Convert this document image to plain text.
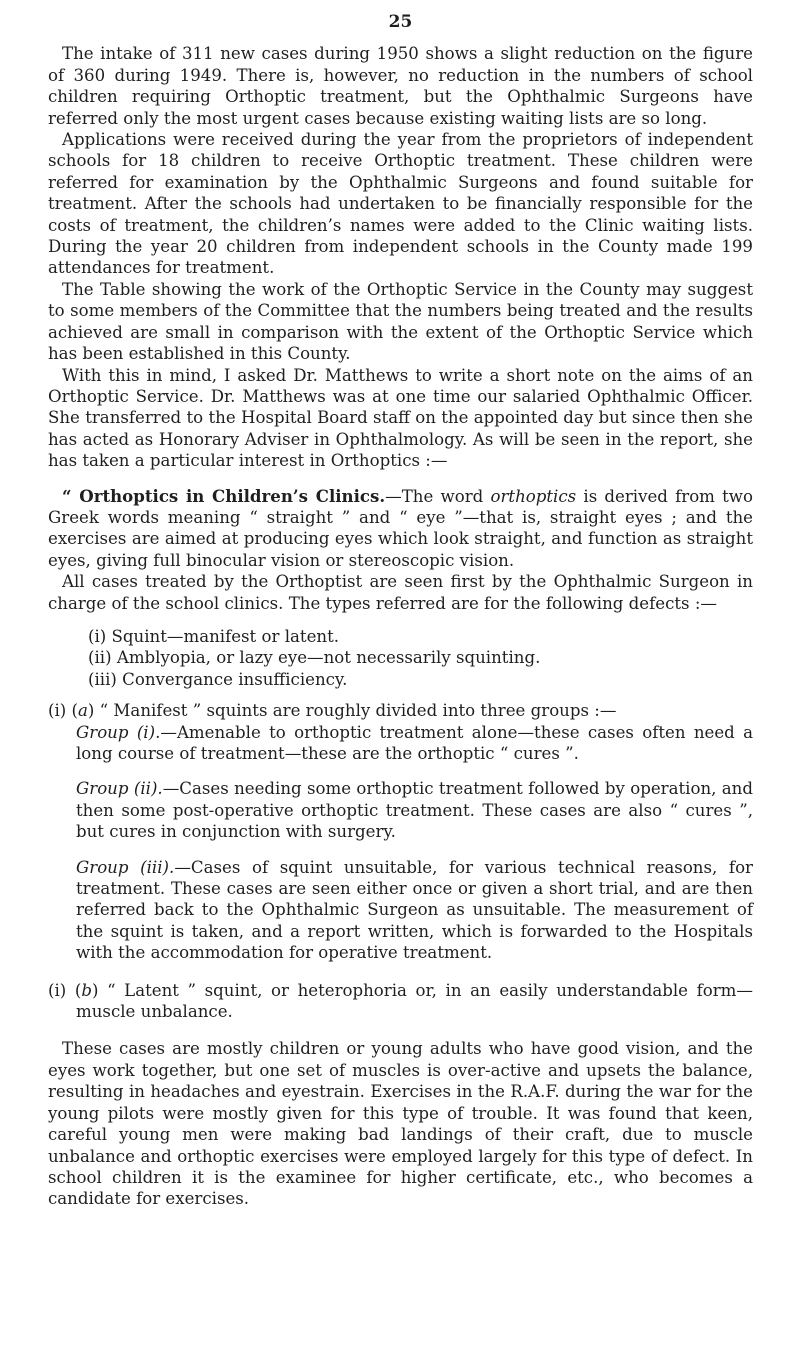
25

The intake of 311 new cases during 1950 shows a slight reduction on the figure of 360 during 1949. There is, however, no reduction in the numbers of school children requiring Orthoptic treatment, but the Ophthalmic Surgeons have referred only the most urgent cases because existing waiting lists are so long.

Applications were received during the year from the proprietors of independent schools for 18 children to receive Orthoptic treatment. These children were referred for examination by the Ophthalmic Surgeons and found suitable for treatment. After the schools had undertaken to be financially responsible for the costs of treatment, the children’s names were added to the Clinic waiting lists. During the year 20 children from independent schools in the County made 199 attendances for treatment.

The Table showing the work of the Orthoptic Service in the County may suggest to some members of the Committee that the numbers being treated and the results achieved are small in comparison with the extent of the Orthoptic Service which has been established in this County.

With this in mind, I asked Dr. Matthews to write a short note on the aims of an Orthoptic Service. Dr. Matthews was at one time our salaried Ophthalmic Officer. She transferred to the Hospital Board staff on the appointed day but since then she has acted as Honorary Adviser in Ophthalmology. As will be seen in the report, she has taken a particular interest in Orthoptics :—

“ Orthoptics in Children’s Clinics.—The word orthoptics is derived from two Greek words meaning “ straight ” and “ eye ”—that is, straight eyes ; and the exercises are aimed at producing eyes which look straight, and function as straight eyes, giving full binocular vision or stereoscopic vision.

All cases treated by the Orthoptist are seen first by the Ophthalmic Surgeon in charge of the school clinics. The types referred are for the following defects :—

(i) Squint—manifest or latent.
(ii) Amblyopia, or lazy eye—not necessarily squinting.
(iii) Convergance insufficiency.

(i) (a) “ Manifest ” squints are roughly divided into three groups :—

Group (i).—Amenable to orthoptic treatment alone—these cases often need a long course of treatment—these are the orthoptic “ cures ”.

Group (ii).—Cases needing some orthoptic treatment followed by operation, and then some post-operative orthoptic treatment. These cases are also “ cures ”, but cures in conjunction with surgery.

Group (iii).—Cases of squint unsuitable, for various technical reasons, for treatment. These cases are seen either once or given a short trial, and are then referred back to the Ophthalmic Surgeon as unsuitable. The measurement of the squint is taken, and a report written, which is forwarded to the Hospitals with the accommodation for operative treatment.

(i) (b) “ Latent ” squint, or heterophoria or, in an easily understandable form—muscle unbalance.

These cases are mostly children or young adults who have good vision, and the eyes work together, but one set of muscles is over-active and upsets the balance, resulting in headaches and eyestrain. Exercises in the R.A.F. during the war for the young pilots were mostly given for this type of trouble. It was found that keen, careful young men were making bad landings of their craft, due to muscle unbalance and orthoptic exercises were employed largely for this type of defect. In school children it is the examinee for higher certificate, etc., who becomes a candidate for exercises.
